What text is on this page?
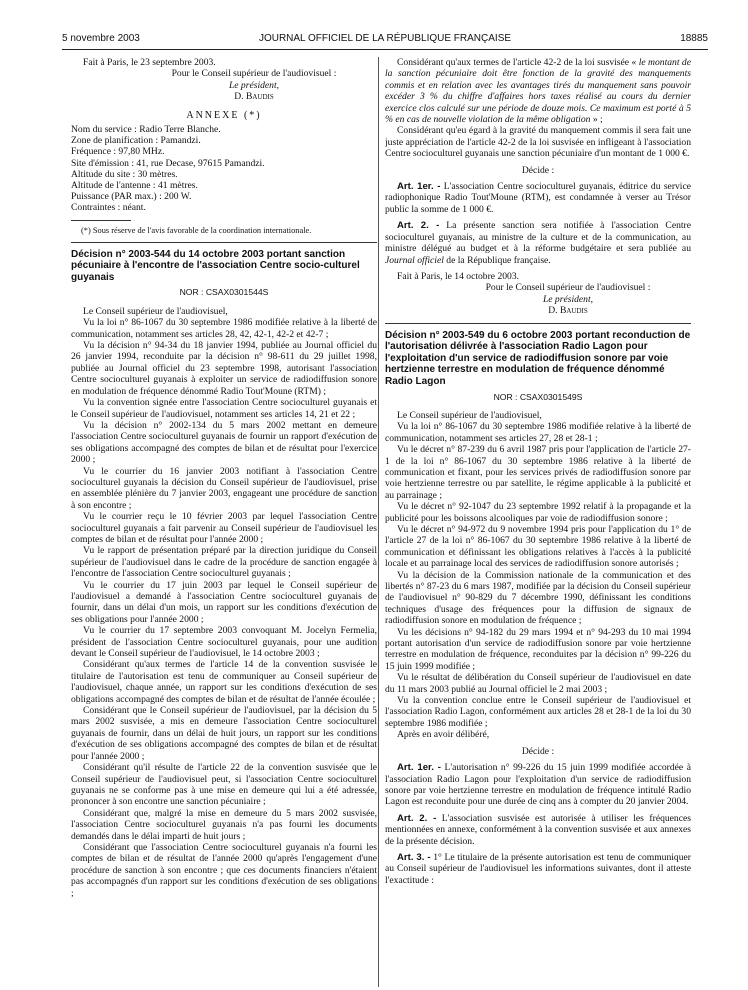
5 novembre 2003	JOURNAL OFFICIEL DE LA RÉPUBLIQUE FRANÇAISE	18885

Fait à Paris, le 23 septembre 2003.

Pour le Conseil supérieur de l'audiovisuel :

Le président,

D. Baudis

ANNEXE (*)

Nom du service : Radio Terre Blanche.

Zone de planification : Pamandzi.

Fréquence : 97,80 MHz.

Site d'émission : 41, rue Decase, 97615 Pamandzi.

Altitude du site : 30 mètres.

Altitude de l'antenne : 41 mètres.

Puissance (PAR max.) : 200 W.

Contraintes : néant.

(*) Sous réserve de l'avis favorable de la coordination internationale.

Décision n° 2003-544 du 14 octobre 2003 portant sanction pécuniaire à l'encontre de l'association Centre socio-culturel guyanais

NOR : CSAX0301544S

Le Conseil supérieur de l'audiovisuel,

Vu la loi n° 86-1067 du 30 septembre 1986 modifiée relative à la liberté de communication, notamment ses articles 28, 42, 42-1, 42-2 et 42-7 ;

Vu la décision n° 94-34 du 18 janvier 1994, publiée au Journal officiel du 26 janvier 1994, reconduite par la décision n° 98-611 du 29 juillet 1998, publiée au Journal officiel du 23 septembre 1998, autorisant l'association Centre socioculturel guyanais à exploiter un service de radiodiffusion sonore en modulation de fréquence dénommé Radio Tout'Moune (RTM) ;

Vu la convention signée entre l'association Centre socioculturel guyanais et le Conseil supérieur de l'audiovisuel, notamment ses articles 14, 21 et 22 ;

Vu la décision n° 2002-134 du 5 mars 2002 mettant en demeure l'association Centre socioculturel guyanais de fournir un rapport d'exécution de ses obligations accompagné des comptes de bilan et de résultat pour l'exercice 2000 ;

Vu le courrier du 16 janvier 2003 notifiant à l'association Centre socioculturel guyanais la décision du Conseil supérieur de l'audiovisuel, prise en assemblée plénière du 7 janvier 2003, engageant une procédure de sanction à son encontre ;

Vu le courrier reçu le 10 février 2003 par lequel l'association Centre socioculturel guyanais a fait parvenir au Conseil supérieur de l'audiovisuel les comptes de bilan et de résultat pour l'année 2000 ;

Vu le rapport de présentation préparé par la direction juridique du Conseil supérieur de l'audiovisuel dans le cadre de la procédure de sanction engagée à l'encontre de l'association Centre socioculturel guyanais ;

Vu le courrier du 17 juin 2003 par lequel le Conseil supérieur de l'audiovisuel a demandé à l'association Centre socioculturel guyanais de fournir, dans un délai d'un mois, un rapport sur les conditions d'exécution de ses obligations pour l'année 2000 ;

Vu le courrier du 17 septembre 2003 convoquant M. Jocelyn Fermelia, président de l'association Centre socioculturel guyanais, pour une audition devant le Conseil supérieur de l'audiovisuel, le 14 octobre 2003 ;

Considérant qu'aux termes de l'article 14 de la convention susvisée le titulaire de l'autorisation est tenu de communiquer au Conseil supérieur de l'audiovisuel, chaque année, un rapport sur les conditions d'exécution de ses obligations accompagné des comptes de bilan et de résultat de l'année écoulée ;

Considérant que le Conseil supérieur de l'audiovisuel, par la décision du 5 mars 2002 susvisée, a mis en demeure l'association Centre socioculturel guyanais de fournir, dans un délai de huit jours, un rapport sur les conditions d'exécution de ses obligations accompagné des comptes de bilan et de résultat pour l'année 2000 ;

Considérant qu'il résulte de l'article 22 de la convention susvisée que le Conseil supérieur de l'audiovisuel peut, si l'association Centre socioculturel guyanais ne se conforme pas à une mise en demeure qui lui a été adressée, prononcer à son encontre une sanction pécuniaire ;

Considérant que, malgré la mise en demeure du 5 mars 2002 susvisée, l'association Centre socioculturel guyanais n'a pas fourni les documents demandés dans le délai imparti de huit jours ;

Considérant que l'association Centre socioculturel guyanais n'a fourni les comptes de bilan et de résultat de l'année 2000 qu'après l'engagement d'une procédure de sanction à son encontre ; que ces documents financiers n'étaient pas accompagnés d'un rapport sur les conditions d'exécution de ses obligations ;

Considérant qu'aux termes de l'article 42-2 de la loi susvisée « le montant de la sanction pécuniaire doit être fonction de la gravité des manquements commis et en relation avec les avantages tirés du manquement sans pouvoir excéder 3 % du chiffre d'affaires hors taxes réalisé au cours du dernier exercice clos calculé sur une période de douze mois. Ce maximum est porté à 5 % en cas de nouvelle violation de la même obligation » ;

Considérant qu'eu égard à la gravité du manquement commis il sera fait une juste appréciation de l'article 42-2 de la loi susvisée en infligeant à l'association Centre socioculturel guyanais une sanction pécuniaire d'un montant de 1 000 €.

Décide :

Art. 1er. - L'association Centre socioculturel guyanais, éditrice du service radiophonique Radio Tout'Moune (RTM), est condamnée à verser au Trésor public la somme de 1 000 €.

Art. 2. - La présente sanction sera notifiée à l'association Centre socioculturel guyanais, au ministre de la culture et de la communication, au ministre délégué au budget et à la réforme budgétaire et sera publiée au Journal officiel de la République française.

Fait à Paris, le 14 octobre 2003.

Pour le Conseil supérieur de l'audiovisuel :

Le président,

D. Baudis

Décision n° 2003-549 du 6 octobre 2003 portant reconduction de l'autorisation délivrée à l'association Radio Lagon pour l'exploitation d'un service de radiodiffusion sonore par voie hertzienne terrestre en modulation de fréquence dénommé Radio Lagon

NOR : CSAX0301549S

Le Conseil supérieur de l'audiovisuel,

Vu la loi n° 86-1067 du 30 septembre 1986 modifiée relative à la liberté de communication, notamment ses articles 27, 28 et 28-1 ;

Vu le décret n° 87-239 du 6 avril 1987 pris pour l'application de l'article 27-1 de la loi n° 86-1067 du 30 septembre 1986 relative à la liberté de communication et fixant, pour les services privés de radiodiffusion sonore par voie hertzienne terrestre ou par satellite, le régime applicable à la publicité et au parrainage ;

Vu le décret n° 92-1047 du 23 septembre 1992 relatif à la propagande et la publicité pour les boissons alcooliques par voie de radiodiffusion sonore ;

Vu le décret n° 94-972 du 9 novembre 1994 pris pour l'application du 1° de l'article 27 de la loi n° 86-1067 du 30 septembre 1986 relative à la liberté de communication et définissant les obligations relatives à l'accès à la publicité locale et au parrainage local des services de radiodiffusion sonore autorisés ;

Vu la décision de la Commission nationale de la communication et des libertés n° 87-23 du 6 mars 1987, modifiée par la décision du Conseil supérieur de l'audiovisuel n° 90-829 du 7 décembre 1990, définissant les conditions techniques d'usage des fréquences pour la diffusion de signaux de radiodiffusion sonore en modulation de fréquence ;

Vu les décisions n° 94-182 du 29 mars 1994 et n° 94-293 du 10 mai 1994 portant autorisation d'un service de radiodiffusion sonore par voie hertzienne terrestre en modulation de fréquence, reconduites par la décision n° 99-226 du 15 juin 1999 modifiée ;

Vu le résultat de délibération du Conseil supérieur de l'audiovisuel en date du 11 mars 2003 publié au Journal officiel le 2 mai 2003 ;

Vu la convention conclue entre le Conseil supérieur de l'audiovisuel et l'association Radio Lagon, conformément aux articles 28 et 28-1 de la loi du 30 septembre 1986 modifiée ;

Après en avoir délibéré,

Décide :

Art. 1er. - L'autorisation n° 99-226 du 15 juin 1999 modifiée accordée à l'association Radio Lagon pour l'exploitation d'un service de radiodiffusion sonore par voie hertzienne terrestre en modulation de fréquence intitulé Radio Lagon est reconduite pour une durée de cinq ans à compter du 20 janvier 2004.

Art. 2. - L'association susvisée est autorisée à utiliser les fréquences mentionnées en annexe, conformément à la convention susvisée et aux annexes de la présente décision.

Art. 3. - 1° Le titulaire de la présente autorisation est tenu de communiquer au Conseil supérieur de l'audiovisuel les informations suivantes, dont il atteste l'exactitude :
